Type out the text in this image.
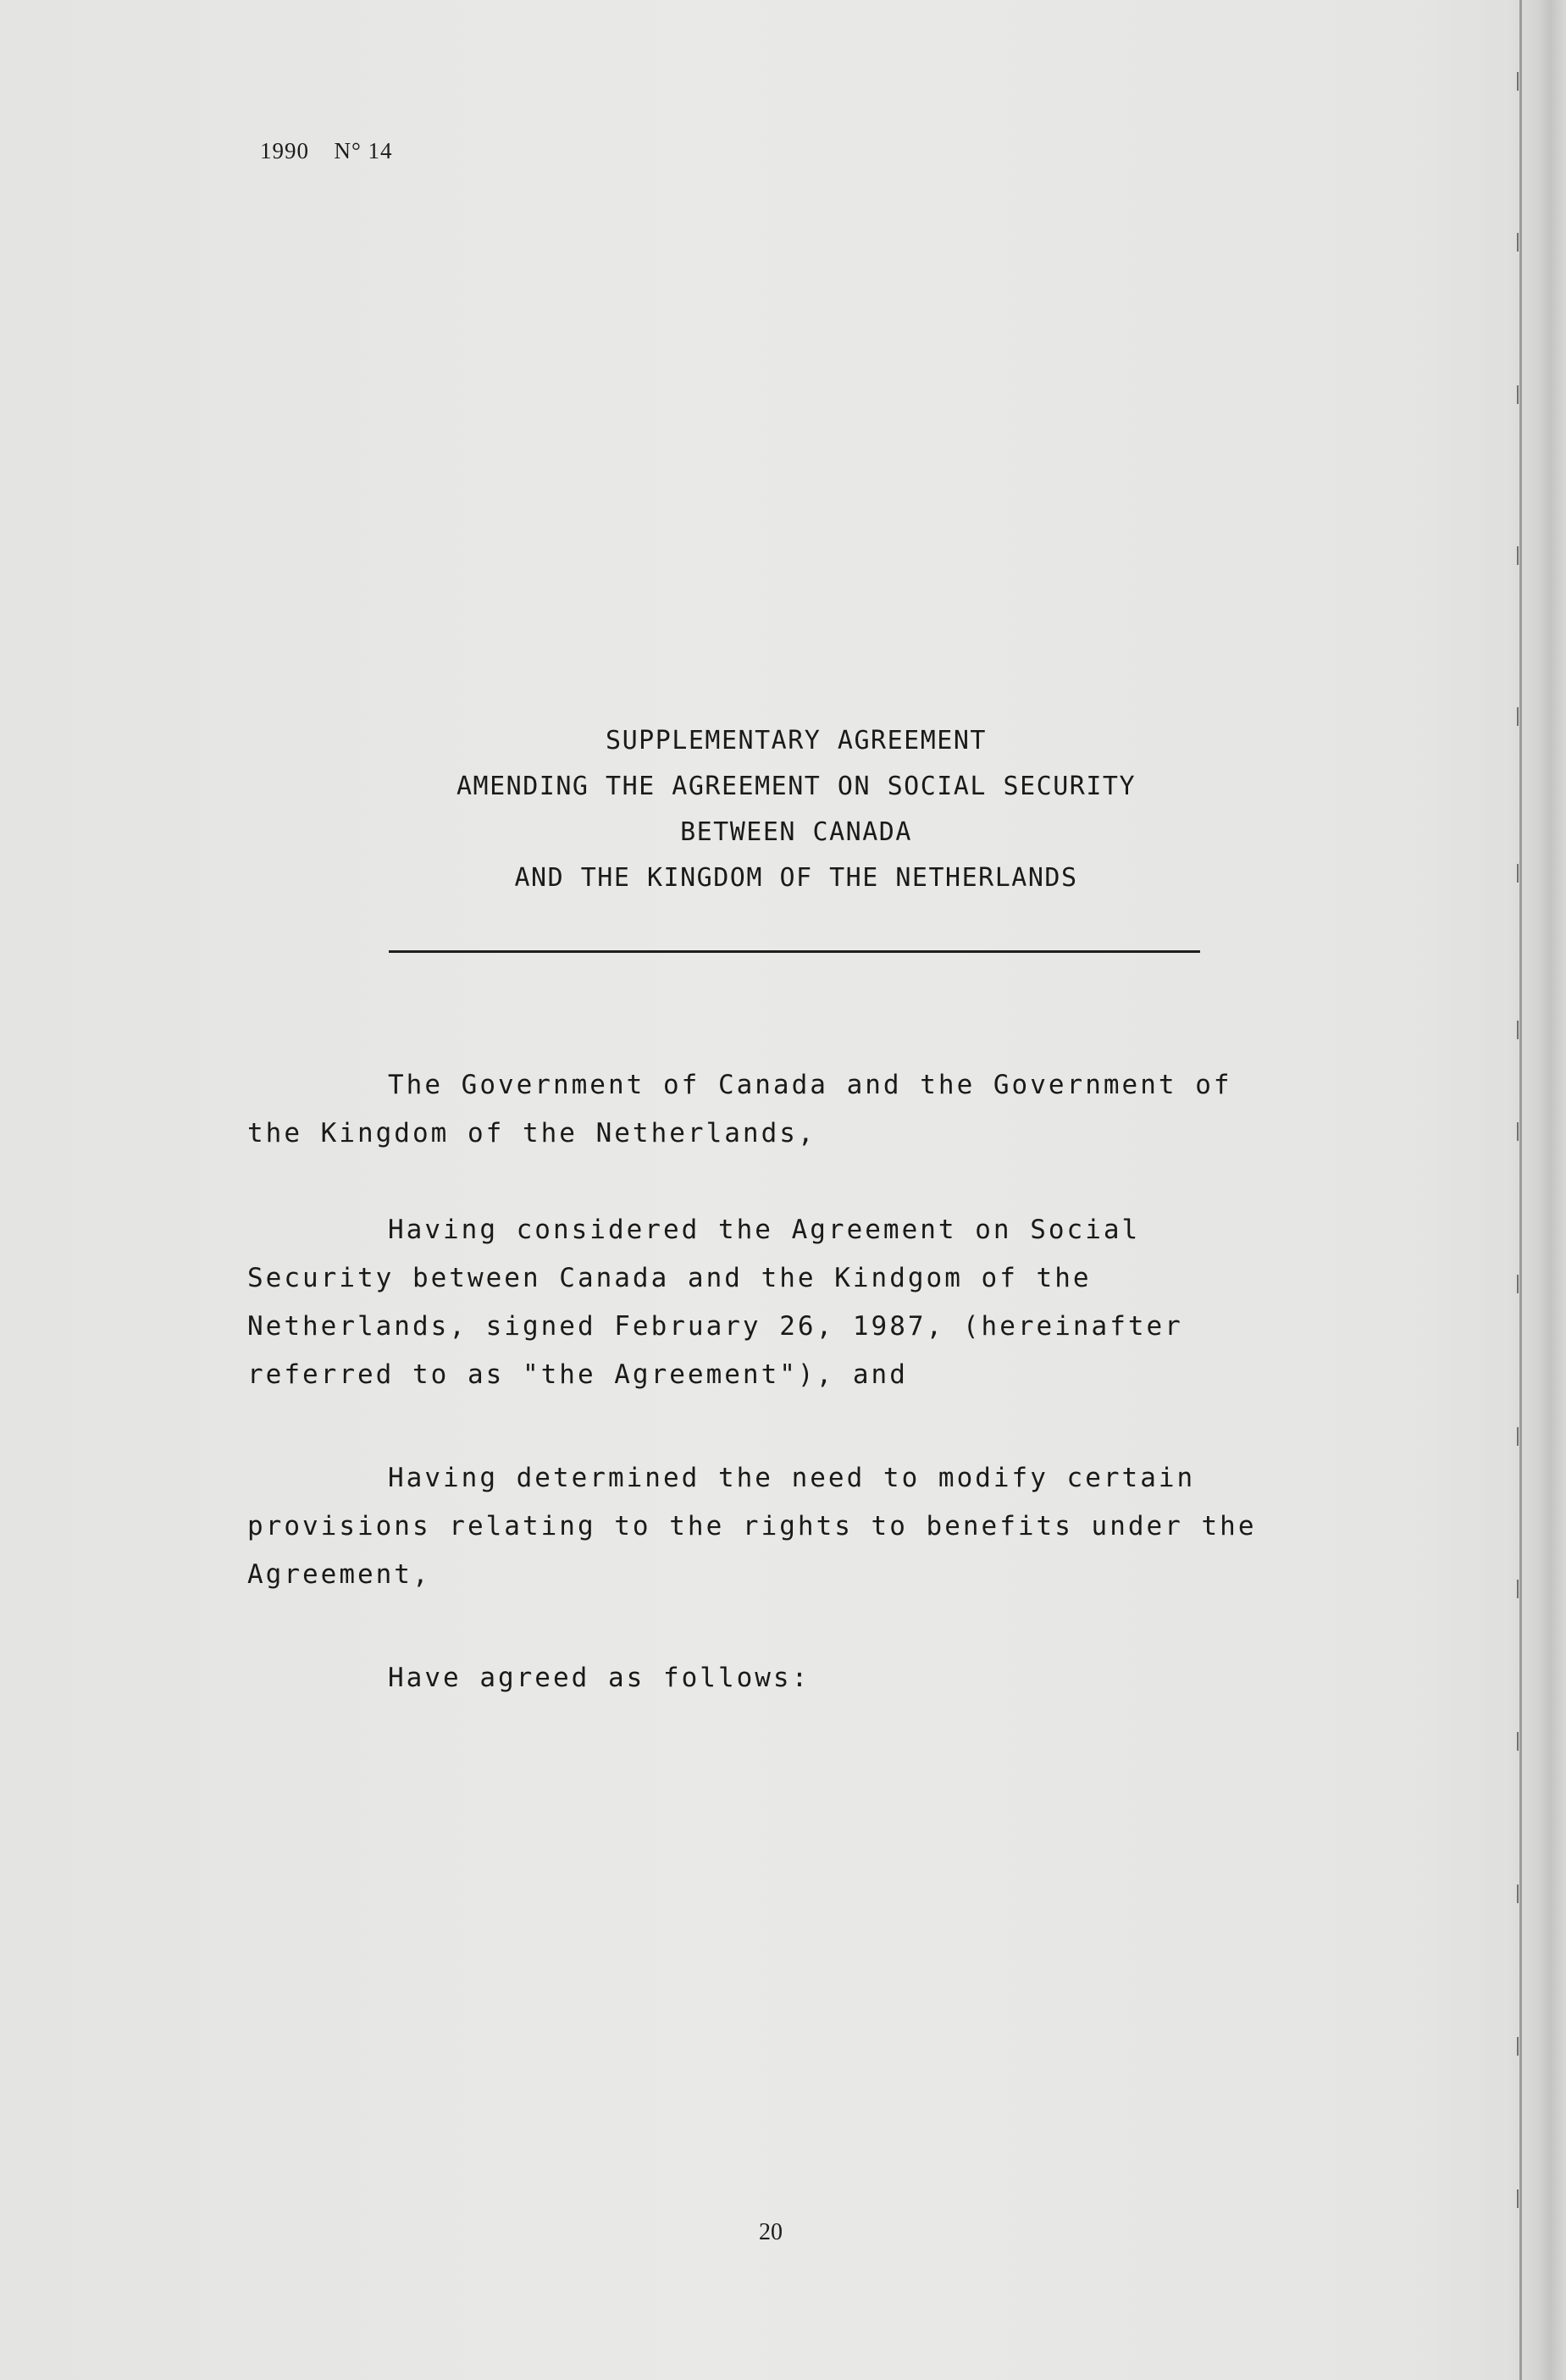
1990 N° 14
SUPPLEMENTARY AGREEMENT
AMENDING THE AGREEMENT ON SOCIAL SECURITY
BETWEEN CANADA
AND THE KINGDOM OF THE NETHERLANDS
The Government of Canada and the Government of
the Kingdom of the Netherlands,
Having considered the Agreement on Social
Security between Canada and the Kindgom of the
Netherlands, signed February 26, 1987, (hereinafter
referred to as "the Agreement"), and
Having determined the need to modify certain
provisions relating to the rights to benefits under the
Agreement,
Have agreed as follows:
20
